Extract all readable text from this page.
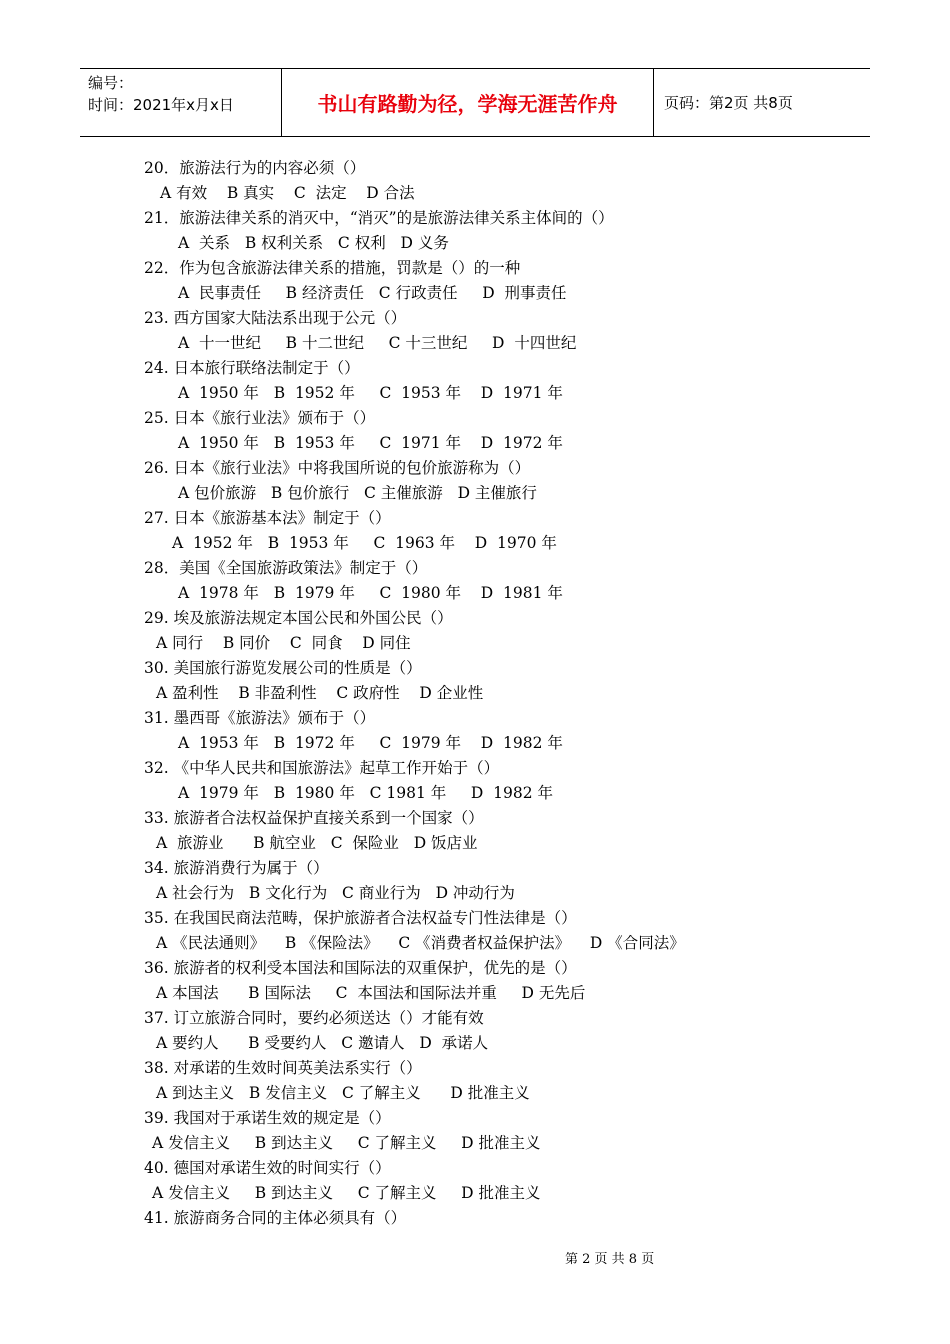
编号：
时间：2021年x月x日	书山有路勤为径，学海无涯苦作舟	页码：第2页 共8页
20．旅游法行为的内容必须（）
A 有效    B 真实    C  法定    D 合法
21．旅游法律关系的消灭中，“消灭”的是旅游法律关系主体间的（）
A  关系   B 权利关系   C 权利   D 义务
22．作为包含旅游法律关系的措施，罚款是（）的一种
A  民事责任     B 经济责任   C 行政责任     D  刑事责任
23. 西方国家大陆法系出现于公元（）
A  十一世纪     B 十二世纪     C 十三世纪     D  十四世纪
24. 日本旅行联络法制定于（）
A  1950 年   B  1952 年     C  1953 年    D  1971 年
25. 日本《旅行业法》颁布于（）
A  1950 年   B  1953 年     C  1971 年    D  1972 年
26. 日本《旅行业法》中将我国所说的包价旅游称为（）
A 包价旅游   B 包价旅行   C 主催旅游   D 主催旅行
27. 日本《旅游基本法》制定于（）
A  1952 年   B  1953 年     C  1963 年    D  1970 年
28．美国《全国旅游政策法》制定于（）
A  1978 年   B  1979 年     C  1980 年    D  1981 年
29. 埃及旅游法规定本国公民和外国公民（）
A 同行    B 同价    C  同食    D 同住
30. 美国旅行游览发展公司的性质是（）
A 盈利性    B 非盈利性    C 政府性    D 企业性
31. 墨西哥《旅游法》颁布于（）
A  1953 年   B  1972 年     C  1979 年    D  1982 年
32. 《中华人民共和国旅游法》起草工作开始于（）
A  1979 年   B  1980 年   C 1981 年     D  1982 年
33. 旅游者合法权益保护直接关系到一个国家（）
A  旅游业      B 航空业   C  保险业   D 饭店业
34. 旅游消费行为属于（）
A 社会行为   B 文化行为   C 商业行为   D 冲动行为
35. 在我国民商法范畴，保护旅游者合法权益专门性法律是（）
A 《民法通则》    B 《保险法》    C 《消费者权益保护法》    D 《合同法》
36. 旅游者的权利受本国法和国际法的双重保护，优先的是（）
A 本国法      B 国际法     C  本国法和国际法并重     D 无先后
37. 订立旅游合同时，要约必须送达（）才能有效
A 要约人      B 受要约人   C 邀请人   D  承诺人
38. 对承诺的生效时间英美法系实行（）
A 到达主义   B 发信主义   C 了解主义      D 批准主义
39. 我国对于承诺生效的规定是（）
A 发信主义     B 到达主义     C 了解主义     D 批准主义
40. 德国对承诺生效的时间实行（）
A 发信主义     B 到达主义     C 了解主义     D 批准主义
41. 旅游商务合同的主体必须具有（）
第 2 页 共 8 页
